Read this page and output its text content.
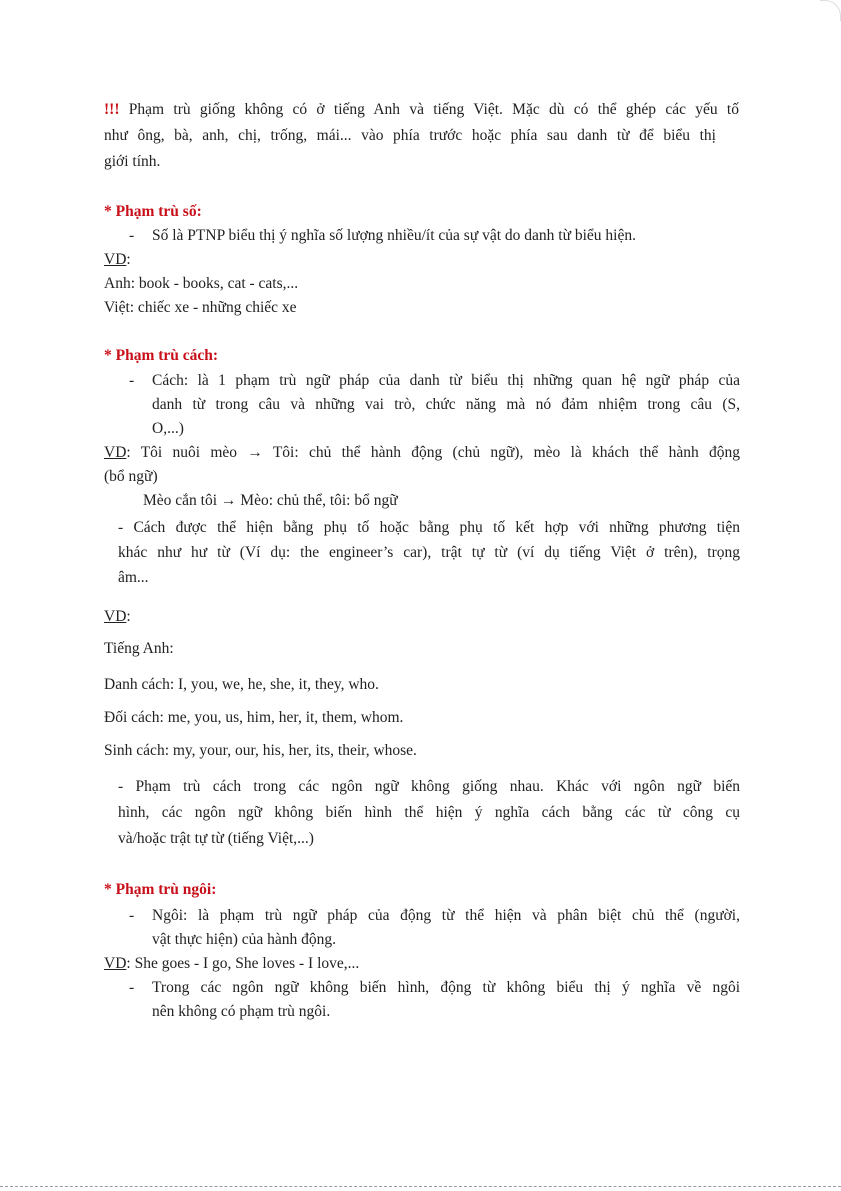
!!! Phạm trù giống không có ở tiếng Anh và tiếng Việt. Mặc dù có thể ghép các yếu tố
như ông, bà, anh, chị, trống, mái... vào phía trước hoặc phía sau danh từ để biểu thị
giới tính.
* Phạm trù số:
- Số là PTNP biểu thị ý nghĩa số lượng nhiều/ít của sự vật do danh từ biểu hiện.
VD:
Anh: book - books, cat - cats,...
Việt: chiếc xe - những chiếc xe
* Phạm trù cách:
- Cách: là 1 phạm trù ngữ pháp của danh từ biểu thị những quan hệ ngữ pháp của
danh từ trong câu và những vai trò, chức năng mà nó đảm nhiệm trong câu (S,
O,...)
VD: Tôi nuôi mèo → Tôi: chủ thể hành động (chủ ngữ), mèo là khách thể hành động
(bổ ngữ)
Mèo cắn tôi → Mèo: chủ thể, tôi: bổ ngữ
- Cách được thể hiện bằng phụ tố hoặc bằng phụ tố kết hợp với những phương tiện
khác như hư từ (Ví dụ: the engineer’s car), trật tự từ (ví dụ tiếng Việt ở trên), trọng
âm...
VD:
Tiếng Anh:
Danh cách: I, you, we, he, she, it, they, who.
Đối cách: me, you, us, him, her, it, them, whom.
Sinh cách: my, your, our, his, her, its, their, whose.
- Phạm trù cách trong các ngôn ngữ không giống nhau. Khác với ngôn ngữ biến
hình, các ngôn ngữ không biến hình thể hiện ý nghĩa cách bằng các từ công cụ
và/hoặc trật tự từ (tiếng Việt,...)
* Phạm trù ngôi:
- Ngôi: là phạm trù ngữ pháp của động từ thể hiện và phân biệt chủ thể (người,
vật thực hiện) của hành động.
VD: She goes - I go, She loves - I love,...
- Trong các ngôn ngữ không biến hình, động từ không biểu thị ý nghĩa về ngôi
nên không có phạm trù ngôi.
